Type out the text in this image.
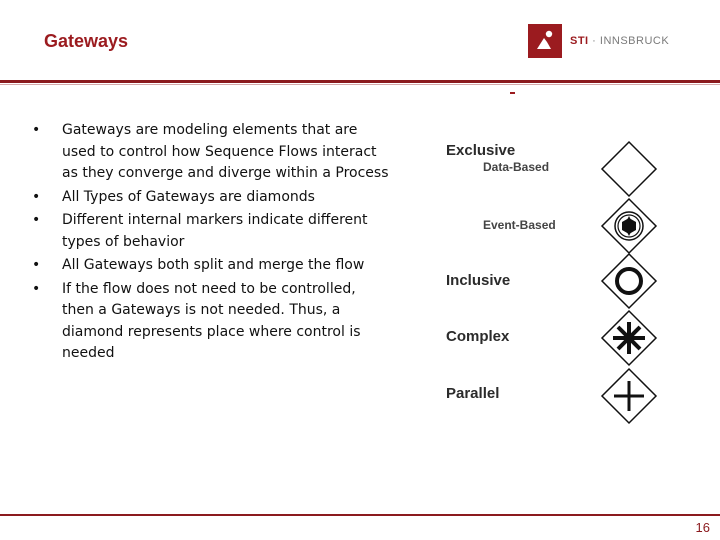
Gateways	STI · INNSBRUCK
• Gateways are modeling elements that are used to control how Sequence Flows interact as they converge and diverge within a Process
• All Types of Gateways are diamonds
• Different internal markers indicate different types of behavior
• All Gateways both split and merge the flow
• If the flow does not need to be controlled, then a Gateways is not needed. Thus, a diamond represents place where control is needed
Exclusive
Data-Based
Event-Based
Inclusive
Complex
Parallel
16
